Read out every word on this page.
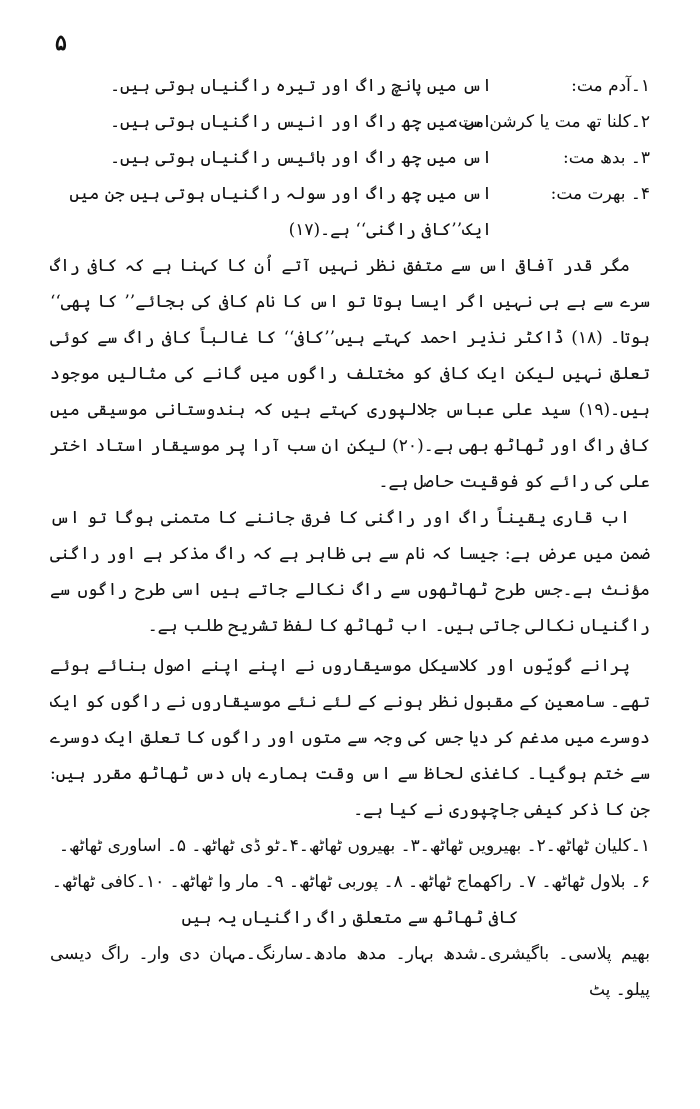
۵
۱۔آدم مت:
اس میں پانچ راگ اور تیرہ راگنیاں ہوتی ہیں۔
۲۔کلنا تھ مت یا کرشن مت:
اس میں چھ راگ اور انیس راگنیاں ہوتی ہیں۔
۳۔ بدھ مت:
اس میں چھ راگ اور بائیس راگنیاں ہوتی ہیں۔
۴۔ بھرت مت:
اس میں چھ راگ اور سولہ راگنیاں ہوتی ہیں جن میں ایک’’کافی راگنی‘‘ ہے۔(۱۷)

مگر قدر آفاقی اس سے متفق نظر نہیں آتے اُن کا کہنا ہے کہ کافی راگ سرے سے ہے ہی نہیں اگر ایسا ہوتا تو اس کا نام کافی کی بجائے’’ کا پھی‘‘ ہوتا۔ (۱۸) ڈاکٹر نذیر احمد کہتے ہیں’’کافی‘‘ کا غالباً کافی راگ سے کوئی تعلق نہیں لیکن ایک کافی کو مختلف راگوں میں گانے کی مثالیں موجود ہیں۔(۱۹) سید علی عباس جلالپوری کہتے ہیں کہ ہندوستانی موسیقی میں کافی راگ اور ٹھاٹھ بھی ہے۔(۲۰) لیکن ان سب آرا پر موسیقار استاد اختر علی کی رائے کو فوقیت حاصل ہے۔

اب قاری یقیناً راگ اور راگنی کا فرق جاننے کا متمنی ہوگا تو اس ضمن میں عرض ہے: جیسا کہ نام سے ہی ظاہر ہے کہ راگ مذکر ہے اور راگنی مؤنث ہے۔جس طرح ٹھاٹھوں سے راگ نکالے جاتے ہیں اسی طرح راگوں سے راگنیاں نکالی جاتی ہیں۔ اب ٹھاٹھ کا لفظ تشریح طلب ہے۔

پرانے گویّوں اور کلاسیکل موسیقاروں نے اپنے اپنے اصول بنائے ہوئے تھے۔ سامعین کے مقبول نظر ہونے کے لئے نئے موسیقاروں نے راگوں کو ایک دوسرے میں مدغم کر دیا جس کی وجہ سے متوں اور راگوں کا تعلق ایک دوسرے سے ختم ہوگیا۔ کاغذی لحاظ سے اس وقت ہمارے ہاں دس ٹھاٹھ مقرر ہیں: جن کا ذکر کیفی جاچپوری نے کیا ہے۔

۱۔کلیان ٹھاٹھ۔۲۔ بھیرویں ٹھاٹھ۔۳۔ بھیروں ٹھاٹھ۔۴۔ٹو ڈی ٹھاٹھ۔ ۵۔ اساوری ٹھاٹھ۔

۶۔ بلاول ٹھاٹھ۔ ۷۔ راکھماج ٹھاٹھ۔ ۸۔ پوربی ٹھاٹھ۔ ۹۔ مار وا ٹھاٹھ۔ ۱۰۔کافی ٹھاٹھ۔

کافی ٹھاٹھ سے متعلق راگ راگنیاں یہ ہیں

بھیم پلاسی۔ باگیشری۔شدھ بہار۔ مدھ مادھ۔سارنگ۔مہان دی وار۔ راگ دیسی پیلو۔ پٹ
